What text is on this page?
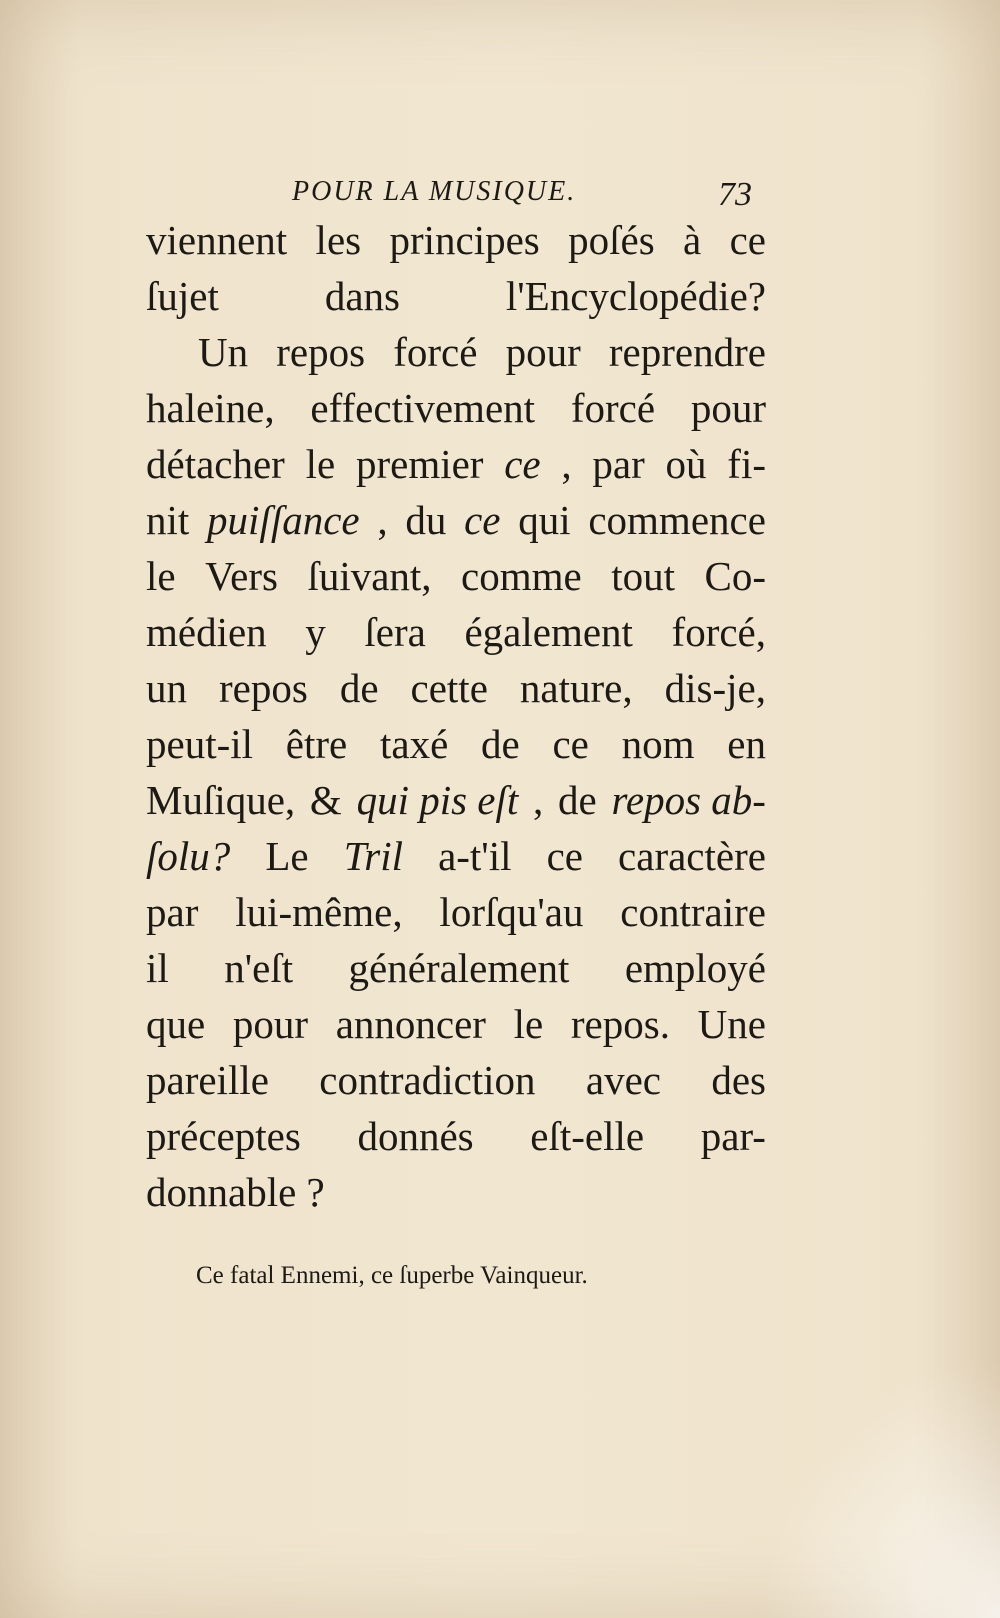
POUR LA MUSIQUE.	73
viennent les principes poſés à ce
ſujet	dans	l'Encyclopédie?
Un repos forcé pour reprendre
haleine, effectivement forcé pour
détacher le premier ce , par où fi-
nit puiſſance , du ce qui commence
le Vers ſuivant, comme tout Co-
médien y ſera également forcé,
un repos de cette nature, dis-je,
peut-il être taxé de ce nom en
Muſique, & qui pis eſt , de repos ab-
ſolu? Le Tril a-t'il ce caractère
par lui-même, lorſqu'au contraire
il n'eſt généralement employé
que pour annoncer le repos. Une
pareille contradiction avec des
préceptes donnés eſt-elle par-
donnable ?
Ce fatal Ennemi, ce ſuperbe Vainqueur.
